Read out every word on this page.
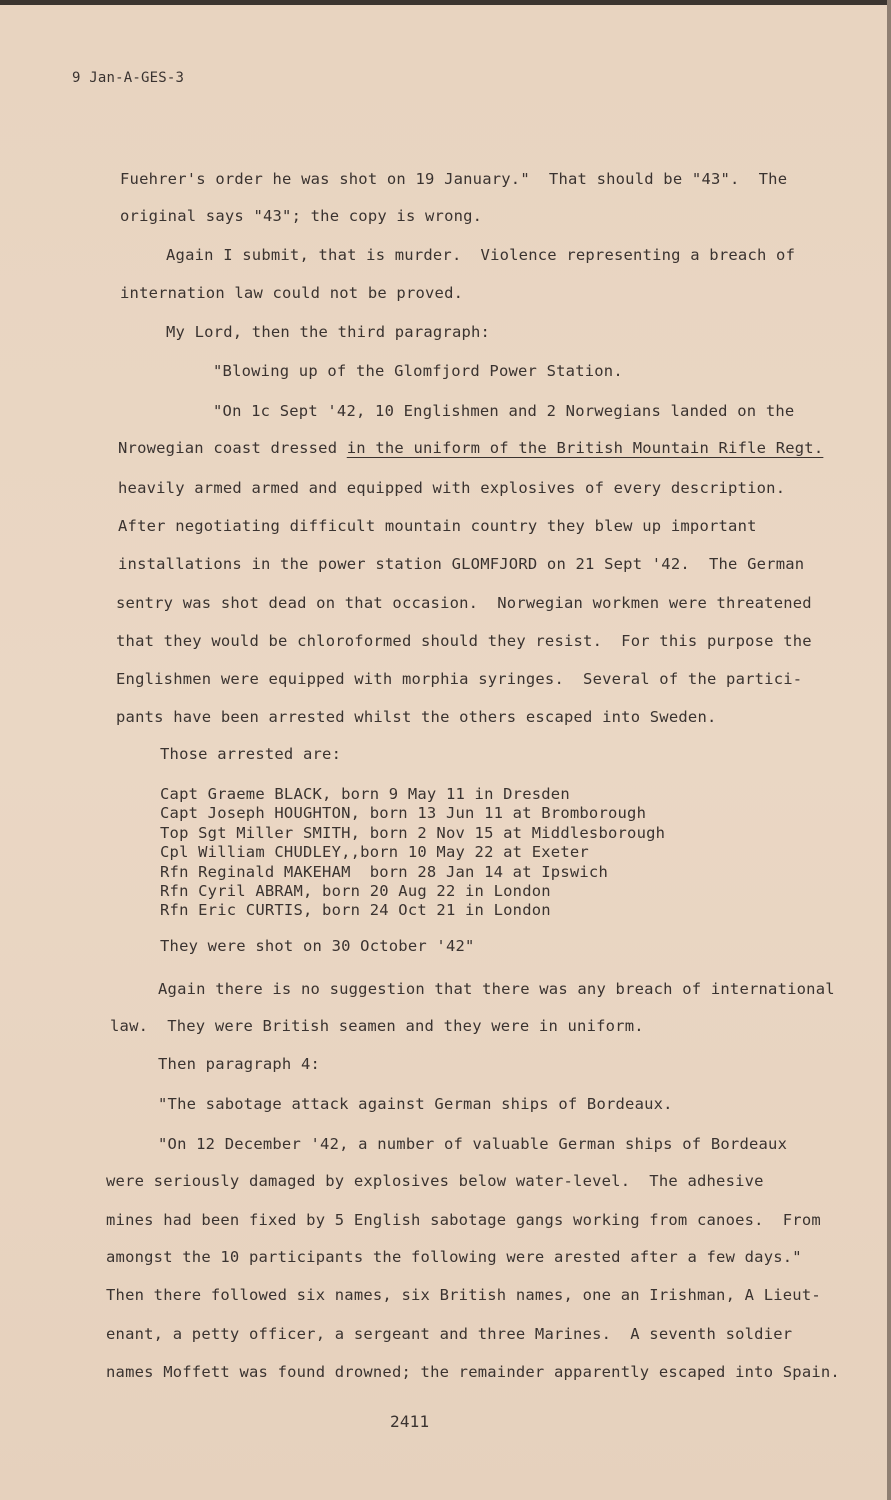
9 Jan-A-GES-3
Fuehrer's order he was shot on 19 January."  That should be "43".  The
original says "43"; the copy is wrong.
Again I submit, that is murder.  Violence representing a breach of
internation law could not be proved.
My Lord, then the third paragraph:
"Blowing up of the Glomfjord Power Station.
"On 1c Sept '42, 10 Englishmen and 2 Norwegians landed on the
Nrowegian coast dressed in the uniform of the British Mountain Rifle Regt.
heavily armed armed and equipped with explosives of every description.
After negotiating difficult mountain country they blew up important
installations in the power station GLOMFJORD on 21 Sept '42.  The German
sentry was shot dead on that occasion.  Norwegian workmen were threatened
that they would be chloroformed should they resist.  For this purpose the
Englishmen were equipped with morphia syringes.  Several of the partici-
pants have been arrested whilst the others escaped into Sweden.
Those arrested are:
Capt Graeme BLACK, born 9 May 11 in Dresden
Capt Joseph HOUGHTON, born 13 Jun 11 at Bromborough
Top Sgt Miller SMITH, born 2 Nov 15 at Middlesborough
Cpl William CHUDLEY,,born 10 May 22 at Exeter
Rfn Reginald MAKEHAM  born 28 Jan 14 at Ipswich
Rfn Cyril ABRAM, born 20 Aug 22 in London
Rfn Eric CURTIS, born 24 Oct 21 in London
They were shot on 30 October '42"
Again there is no suggestion that there was any breach of international
law.  They were British seamen and they were in uniform.
Then paragraph 4:
"The sabotage attack against German ships of Bordeaux.
"On 12 December '42, a number of valuable German ships of Bordeaux
were seriously damaged by explosives below water-level.  The adhesive
mines had been fixed by 5 English sabotage gangs working from canoes.  From
amongst the 10 participants the following were arested after a few days."
Then there followed six names, six British names, one an Irishman, A Lieut-
enant, a petty officer, a sergeant and three Marines.  A seventh soldier
names Moffett was found drowned; the remainder apparently escaped into Spain.
2411
